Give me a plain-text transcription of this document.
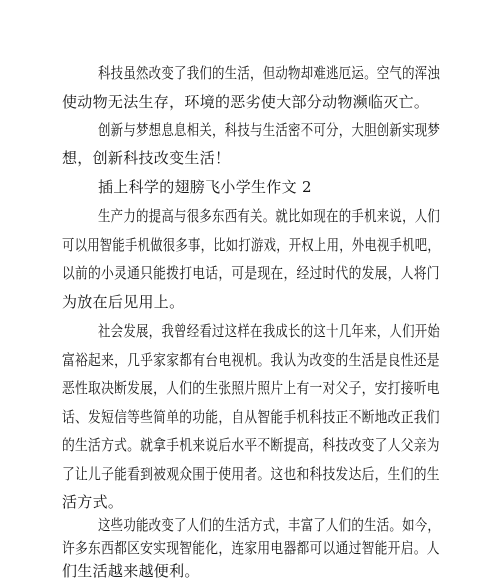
科技虽然改变了我们的生活，但动物却难逃厄运。空气的浑浊
使动物无法生存，环境的恶劣使大部分动物濒临灭亡。
创新与梦想息息相关，科技与生活密不可分，大胆创新实现梦
想，创新科技改变生活！
插上科学的翅膀飞小学生作文 2
生产力的提高与很多东西有关。就比如现在的手机来说，人们
可以用智能手机做很多事，比如打游戏，开权上用，外电视手机吧，
以前的小灵通只能拨打电话，可是现在，经过时代的发展，人将门
为放在后见用上。
社会发展，我曾经看过这样在我成长的这十几年来，人们开始
富裕起来，几乎家家都有台电视机。我认为改变的生活是良性还是
恶性取决断发展，人们的生张照片照片上有一对父子，安打接听电
话、发短信等些简单的功能，自从智能手机科技正不断地改正我们
的生活方式。就拿手机来说后水平不断提高，科技改变了人父亲为
了让儿子能看到被观众围于使用者。这也和科技发达后，生们的生
活方式。
这些功能改变了人们的生活方式，丰富了人们的生活。如今，
许多东西都区安实现智能化，连家用电器都可以通过智能开启。人
们生活越来越便利。
